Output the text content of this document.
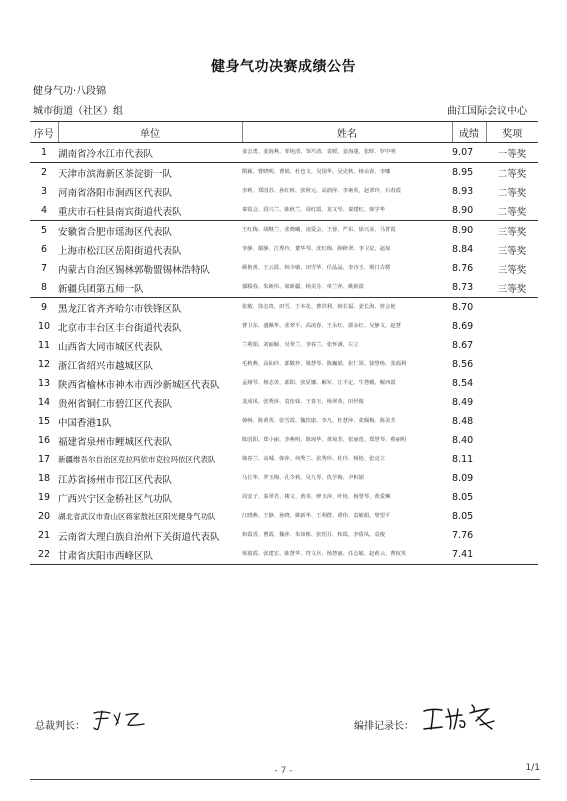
健身气功决赛成绩公告
健身气功·八段锦
城市街道（社区）组	曲江国际会议中心
序号	单位	姓名	成绩	奖项
1	湖南省冷水江市代表队	姜志勇、姜海燕、邹艳清、邹巧清、袁媛、姜海蓬、张晖、罗中明	9.07	一等奖
2	天津市滨海新区茶淀街一队	隋颖、曹晓明、曹娟、杜也文、吴国华、吴克秋、杨余春、李娜	8.95	二等奖
3	河南省洛阳市涧西区代表队	李莉、郑国苏、孙红秋、张秋元、高润萍、李素英、赵翠玲、石春霞	8.93	二等奖
4	重庆市石柱县南宾街道代表队	秦霞会、段兴兰、陈秋兰、周红霞、龙文琴、秦建红、韩学华	8.90	二等奖
5	安徽省合肥市瑶海区代表队	王红梅、胡继兰、张晓曦、凌爱会、王蓉、严东、徐兴美、马菁霞	8.90	三等奖
6	上海市松江区岳阳街道代表队	李静、谢静、江秀玲、董华琴、沈红梅、顾秋翠、李卫星、赵琼	8.84	三等奖
7	内蒙古自治区锡林郭勒盟锡林浩特队	顾艳黄、王云霞、韩少敏、田雪华、任晶晶、李诗玉、斯日古楞	8.76	三等奖
8	新疆兵团第五师一队	郁腾春、朱新伟、梁新疆、杨美芬、单兰萍、姚新霞	8.73	三等奖
9	黑龙江省齐齐哈尔市铁锋区队	张敏、徐志贵、田雪、王本花、曹洪利、韩长福、姜长海、詹会艳	8.70	
10	北京市丰台区丰台街道代表队	曹卫东、盛佩华、张翠平、高凌春、王永红、郭永红、吴静文、赵慧	8.69	
11	山西省大同市城区代表队	兰利娟、刘丽颖、吴翠兰、李春兰、张怀满、左立	8.67	
12	浙江省绍兴市越城区队	毛秋燕、高仙玲、郭敬珍、梁慧琴、陈巍娟、张仁领、徐慧杨、张福利	8.56	
13	陕西省榆林市神木市西沙新城区代表队	孟娅琴、杨志英、郭阳、张显娜、解军、江平定、牛慧娥、解西霞	8.54	
14	贵州省铜仁市碧江区代表队	龙成凤、张秀萍、袁伍妹、王春玉、杨翠英、田世俊	8.49	
15	中国香港1队	韩畅、陈黄英、张雪霞、魏饮康、李凡、杜慧萍、张佩梅、陈美芳	8.48	
16	福建省泉州市鲤城区代表队	陈国阳、郑小丽、李燕明、陈琼华、黄琼芳、张丽莲、郑慧琴、蔡丽明	8.40	
17	新疆维吾尔自治区克拉玛依市克拉玛依区代表队	韩春兰、高城、韩萍、何秀兰、张秀珍、杜玲、杨艳、张克立	8.11	
18	江苏省扬州市邗江区代表队	马长华、罗玉梅、孔令莉、吴九琴、仇学梅、尹积娟	8.09	
19	广西兴宁区金桥社区气功队	周安子、秦翠君、楼文、黄英、廖玉萍、叶艳、杨慧琴、黄爱琳	8.05	
20	湖北省武汉市青山区蒋家敖社区阳光健身气功队	江晓燕、王静、孙晓、姚新华、王利群、谭伟、袁敏娟、黎望平	8.05	
21	云南省大理白族自治州下关街道代表队	和霞香、曹霞、魏萍、朱如彬、张绍芬、和霞、李倩凤、袁俊	7.76	
22	甘肃省庆阳市西峰区队	梁盈霞、张建宏、陈慧华、符文兵、杨慧丽、任志敏、赵莉云、曹权英	7.41	
总裁判长：	编排记录长：
- 7 -	1/1
